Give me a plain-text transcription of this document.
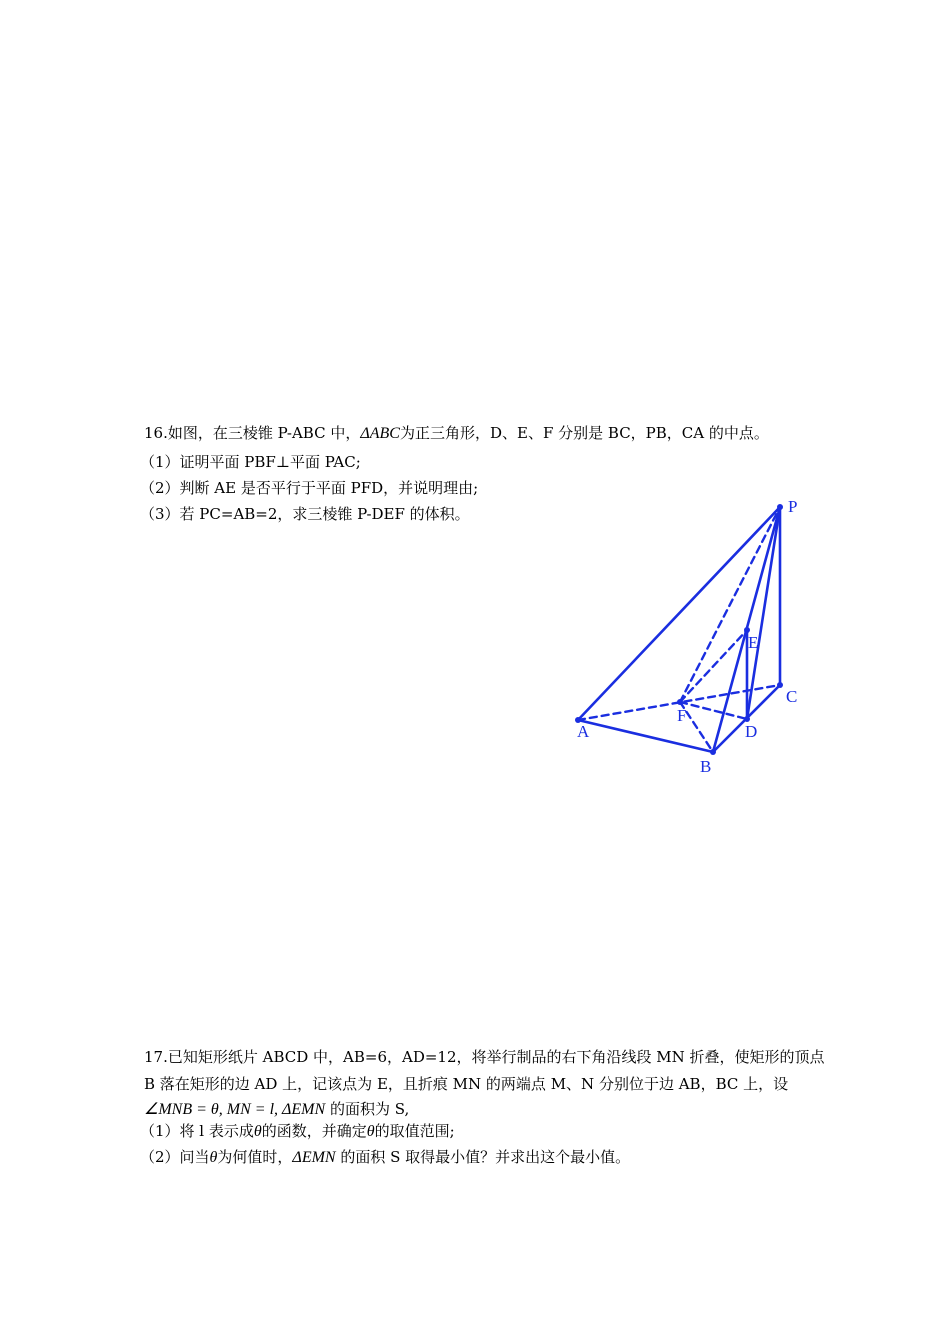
16.如图，在三棱锥 P-ABC 中，ΔABC为正三角形，D、E、F 分别是 BC，PB，CA 的中点。
（1）证明平面 PBF⊥平面 PAC;
（2）判断 AE 是否平行于平面 PFD，并说明理由;
（3）若 PC=AB=2，求三棱锥 P-DEF 的体积。	P
E
C
F
A	D
B
17.已知矩形纸片 ABCD 中，AB=6，AD=12，将举行制品的右下角沿线段 MN 折叠，使矩形的顶点
B 落在矩形的边 AD 上，记该点为 E，且折痕 MN 的两端点 M、N 分别位于边 AB，BC 上，设
∠MNB = θ, MN = l, ΔEMN 的面积为 S,
（1）将 l 表示成θ的函数，并确定θ的取值范围;
（2）问当θ为何值时，ΔEMN 的面积 S 取得最小值？并求出这个最小值。
